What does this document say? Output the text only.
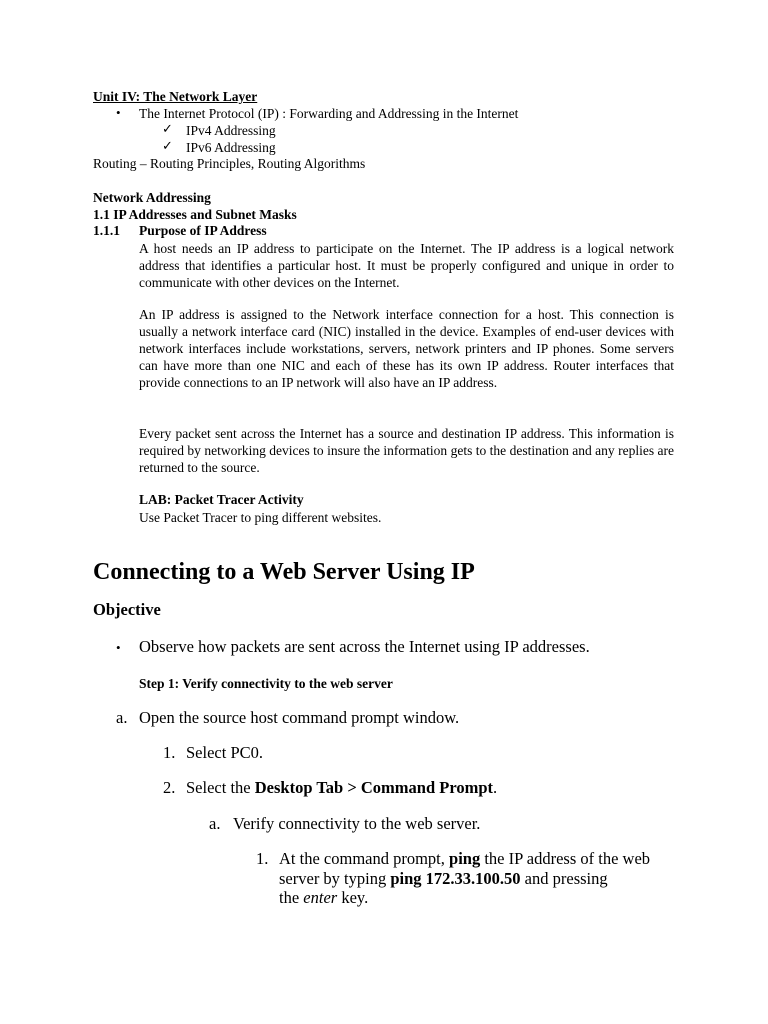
Unit IV: The Network Layer
• The Internet Protocol (IP) : Forwarding and Addressing in the Internet
✓ IPv4 Addressing
✓ IPv6 Addressing
Routing – Routing Principles, Routing Algorithms
Network Addressing
1.1 IP Addresses and Subnet Masks
1.1.1 Purpose of IP Address
A host needs an IP address to participate on the Internet. The IP address is a logical network address that identifies a particular host. It must be properly configured and unique in order to communicate with other devices on the Internet.
An IP address is assigned to the Network interface connection for a host. This connection is usually a network interface card (NIC) installed in the device. Examples of end-user devices with network interfaces include workstations, servers, network printers and IP phones. Some servers can have more than one NIC and each of these has its own IP address. Router interfaces that provide connections to an IP network will also have an IP address.
Every packet sent across the Internet has a source and destination IP address. This information is required by networking devices to insure the information gets to the destination and any replies are returned to the source.
LAB: Packet Tracer Activity
Use Packet Tracer to ping different websites.
Connecting to a Web Server Using IP
Objective
• Observe how packets are sent across the Internet using IP addresses.
Step 1: Verify connectivity to the web server
a. Open the source host command prompt window.
1. Select PC0.
2. Select the Desktop Tab > Command Prompt.
a. Verify connectivity to the web server.
1. At the command prompt, ping the IP address of the web
server by typing ping 172.33.100.50 and pressing
the enter key.
